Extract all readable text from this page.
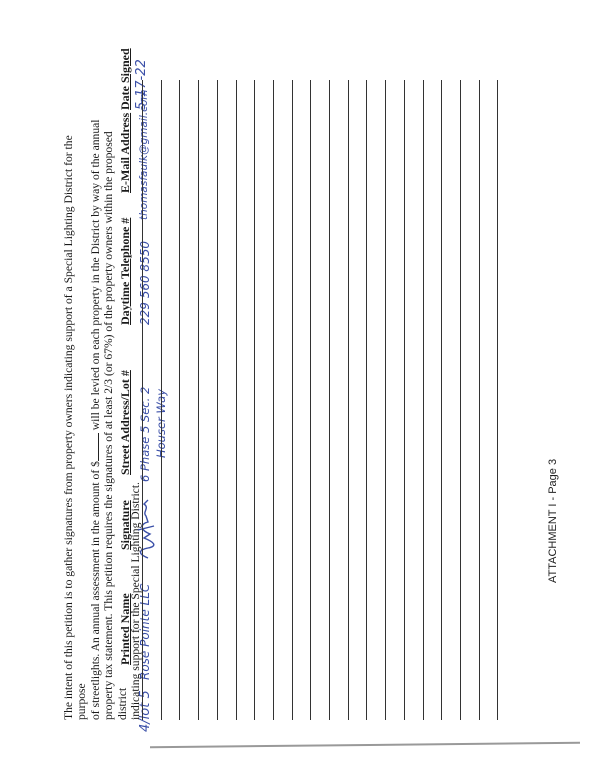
The intent of this petition is to gather signatures from property owners indicating support of a Special Lighting District for the purpose of streetlights. An annual assessment in the amount of $ will be levied on each property in the District by way of the annual property tax statement. This petition requires the signatures of at least 2/3 (or 67%) of the property owners within the proposed district indicating support for the Special Lighting District.

Printed Name
Signature
Street Address/Lot #
Daytime Telephone #
E-Mail Address
Date Signed
4/lot 5
Rose Pointe LLC
6 Phase 5 Sec. 2 Houser Way
229 560 8550
thomasfaulk@gmail.com
5-17-22
ATTACHMENT I - Page 3
